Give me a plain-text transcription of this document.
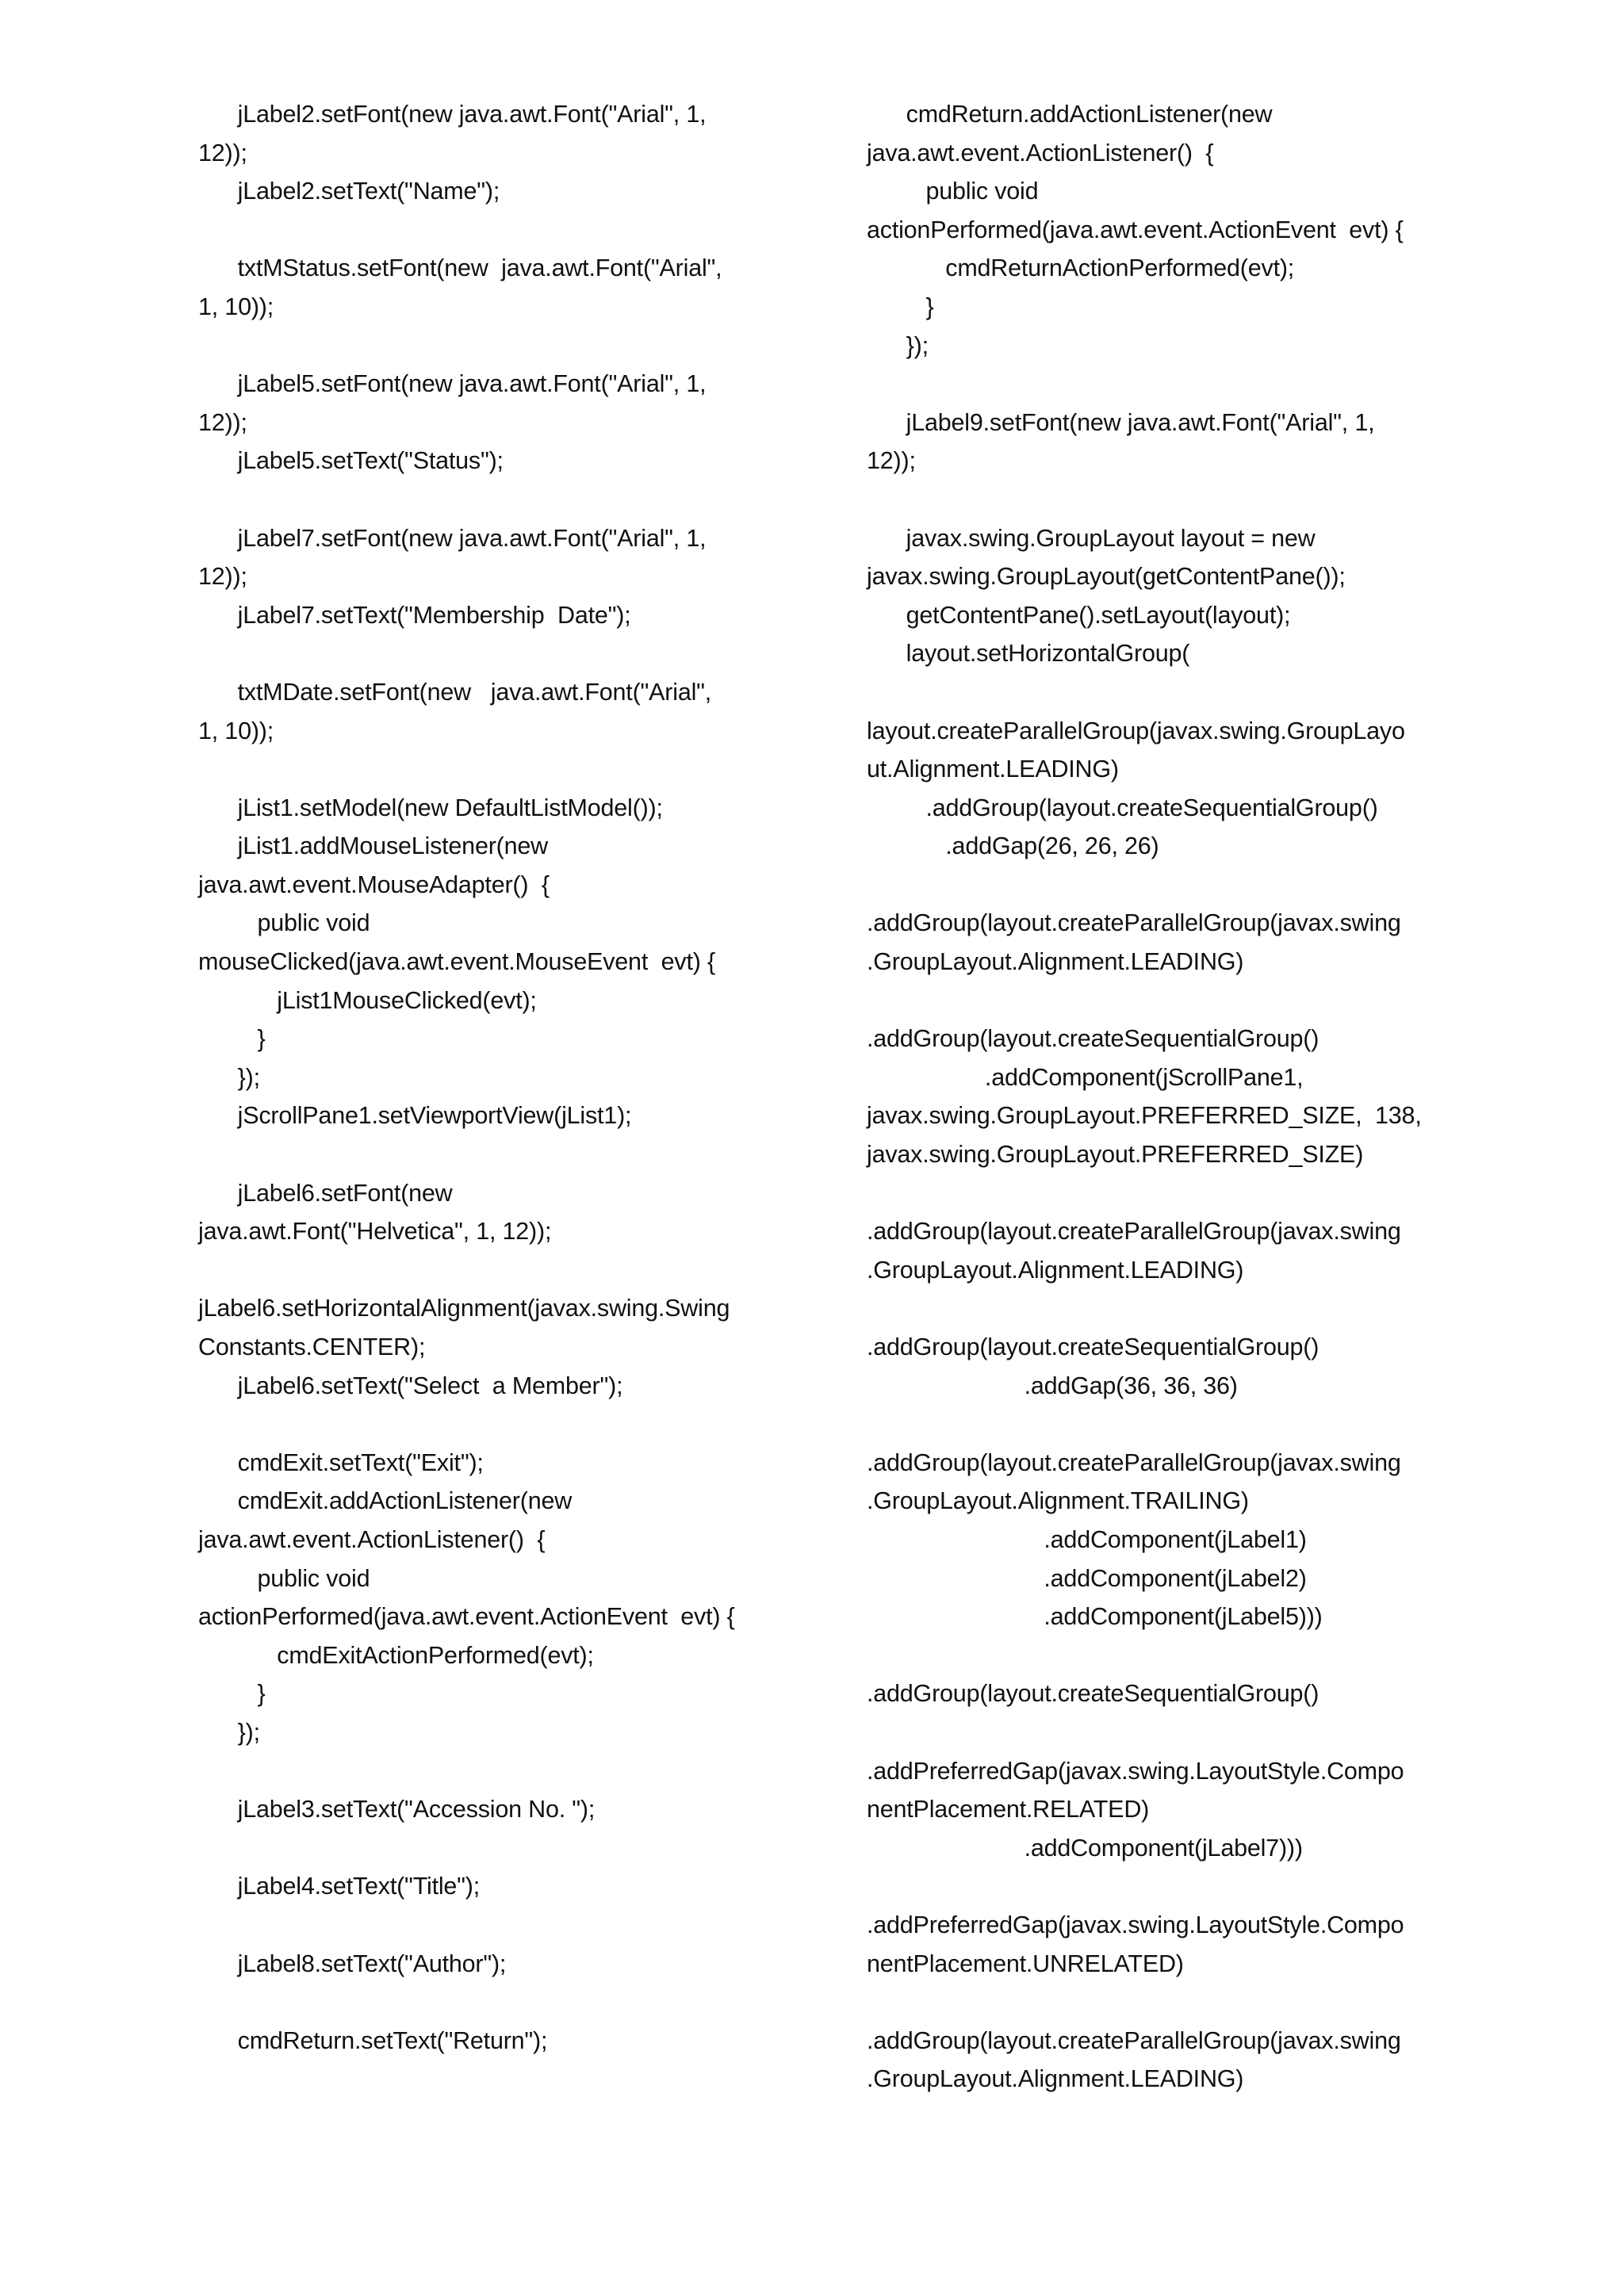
jLabel2.setFont(new java.awt.Font("Arial", 1,
12));
jLabel2.setText("Name");
txtMStatus.setFont(new  java.awt.Font("Arial",
1, 10));
jLabel5.setFont(new java.awt.Font("Arial", 1,
12));
jLabel5.setText("Status");
jLabel7.setFont(new java.awt.Font("Arial", 1,
12));
jLabel7.setText("Membership  Date");
txtMDate.setFont(new   java.awt.Font("Arial",
1, 10));
jList1.setModel(new DefaultListModel());
jList1.addMouseListener(new
java.awt.event.MouseAdapter()  {
public void
mouseClicked(java.awt.event.MouseEvent  evt) {
jList1MouseClicked(evt);
}
});
jScrollPane1.setViewportView(jList1);
jLabel6.setFont(new
java.awt.Font("Helvetica", 1, 12));
jLabel6.setHorizontalAlignment(javax.swing.Swing
Constants.CENTER);
jLabel6.setText("Select  a Member");
cmdExit.setText("Exit");
cmdExit.addActionListener(new
java.awt.event.ActionListener()  {
public void
actionPerformed(java.awt.event.ActionEvent  evt) {
cmdExitActionPerformed(evt);
}
});
jLabel3.setText("Accession No. ");
jLabel4.setText("Title");
jLabel8.setText("Author");
cmdReturn.setText("Return");
cmdReturn.addActionListener(new
java.awt.event.ActionListener()  {
public void
actionPerformed(java.awt.event.ActionEvent  evt) {
cmdReturnActionPerformed(evt);
}
});
jLabel9.setFont(new java.awt.Font("Arial", 1,
12));
javax.swing.GroupLayout layout = new
javax.swing.GroupLayout(getContentPane());
getContentPane().setLayout(layout);
layout.setHorizontalGroup(
layout.createParallelGroup(javax.swing.GroupLayo
ut.Alignment.LEADING)
.addGroup(layout.createSequentialGroup()
.addGap(26, 26, 26)
.addGroup(layout.createParallelGroup(javax.swing
.GroupLayout.Alignment.LEADING)
.addGroup(layout.createSequentialGroup()
.addComponent(jScrollPane1,
javax.swing.GroupLayout.PREFERRED_SIZE,  138,
javax.swing.GroupLayout.PREFERRED_SIZE)
.addGroup(layout.createParallelGroup(javax.swing
.GroupLayout.Alignment.LEADING)
.addGroup(layout.createSequentialGroup()
.addGap(36, 36, 36)
.addGroup(layout.createParallelGroup(javax.swing
.GroupLayout.Alignment.TRAILING)
.addComponent(jLabel1)
.addComponent(jLabel2)
.addComponent(jLabel5)))
.addGroup(layout.createSequentialGroup()
.addPreferredGap(javax.swing.LayoutStyle.Compo
nentPlacement.RELATED)
.addComponent(jLabel7)))
.addPreferredGap(javax.swing.LayoutStyle.Compo
nentPlacement.UNRELATED)
.addGroup(layout.createParallelGroup(javax.swing
.GroupLayout.Alignment.LEADING)
